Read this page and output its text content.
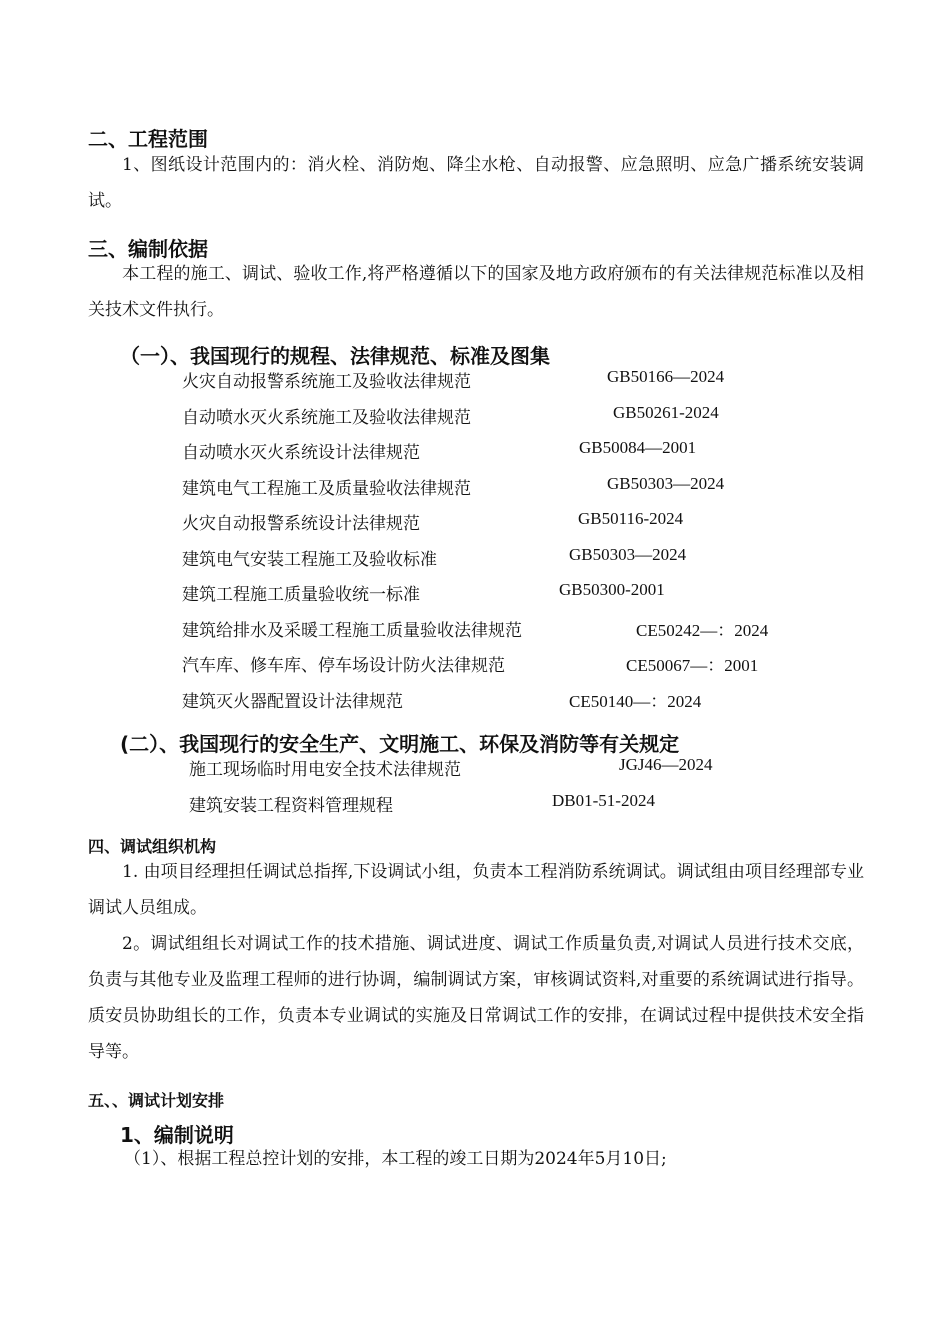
二、工程范围
1、图纸设计范围内的：消火栓、消防炮、降尘水枪、自动报警、应急照明、应急广播系统安装调试。
三、编制依据
本工程的施工、调试、验收工作,将严格遵循以下的国家及地方政府颁布的有关法律规范标准以及相关技术文件执行。
（一）、我国现行的规程、法律规范、标准及图集
火灾自动报警系统施工及验收法律规范	GB50166—2024
自动喷水灭火系统施工及验收法律规范	GB50261-2024
自动喷水灭火系统设计法律规范	GB50084—2001
建筑电气工程施工及质量验收法律规范	GB50303—2024
火灾自动报警系统设计法律规范	GB50116-2024
建筑电气安装工程施工及验收标准	GB50303—2024
建筑工程施工质量验收统一标准	GB50300-2001
建筑给排水及采暖工程施工质量验收法律规范	CE50242—：2024
汽车库、修车库、停车场设计防火法律规范	CE50067—：2001
建筑灭火器配置设计法律规范	CE50140—：2024
(二）、我国现行的安全生产、文明施工、环保及消防等有关规定
施工现场临时用电安全技术法律规范	JGJ46—2024
建筑安装工程资料管理规程	DB01-51-2024
四、调试组织机构
1. 由项目经理担任调试总指挥,下设调试小组，负责本工程消防系统调试。调试组由项目经理部专业调试人员组成。
2。调试组组长对调试工作的技术措施、调试进度、调试工作质量负责,对调试人员进行技术交底，负责与其他专业及监理工程师的进行协调，编制调试方案，审核调试资料,对重要的系统调试进行指导。质安员协助组长的工作，负责本专业调试的实施及日常调试工作的安排，在调试过程中提供技术安全指导等。
五、、调试计划安排
1、编制说明
（1）、根据工程总控计划的安排，本工程的竣工日期为2024年5月10日;
